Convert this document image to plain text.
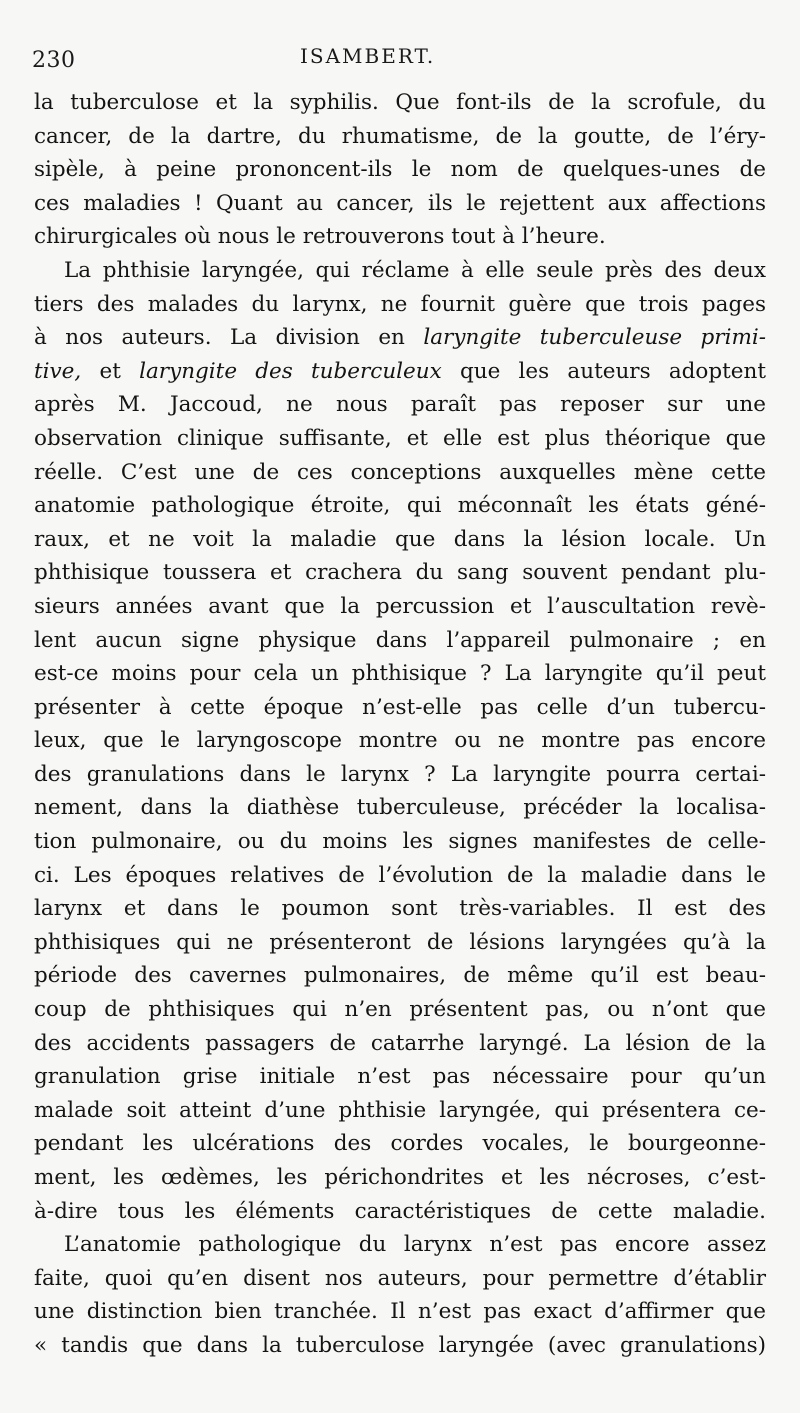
230	ISAMBERT.
la tuberculose et la syphilis. Que font-ils de la scrofule, du
cancer, de la dartre, du rhumatisme, de la goutte, de l’éry-
sipèle, à peine prononcent-ils le nom de quelques-unes de
ces maladies ! Quant au cancer, ils le rejettent aux affections
chirurgicales où nous le retrouverons tout à l’heure.
La phthisie laryngée, qui réclame à elle seule près des deux
tiers des malades du larynx, ne fournit guère que trois pages
à nos auteurs. La division en laryngite tuberculeuse primi-
tive, et laryngite des tuberculeux que les auteurs adoptent
après M. Jaccoud, ne nous paraît pas reposer sur une
observation clinique suffisante, et elle est plus théorique que
réelle. C’est une de ces conceptions auxquelles mène cette
anatomie pathologique étroite, qui méconnaît les états géné-
raux, et ne voit la maladie que dans la lésion locale. Un
phthisique toussera et crachera du sang souvent pendant plu-
sieurs années avant que la percussion et l’auscultation revè-
lent aucun signe physique dans l’appareil pulmonaire ; en
est-ce moins pour cela un phthisique ? La laryngite qu’il peut
présenter à cette époque n’est-elle pas celle d’un tubercu-
leux, que le laryngoscope montre ou ne montre pas encore
des granulations dans le larynx ? La laryngite pourra certai-
nement, dans la diathèse tuberculeuse, précéder la localisa-
tion pulmonaire, ou du moins les signes manifestes de celle-
ci. Les époques relatives de l’évolution de la maladie dans le
larynx et dans le poumon sont très-variables. Il est des
phthisiques qui ne présenteront de lésions laryngées qu’à la
période des cavernes pulmonaires, de même qu’il est beau-
coup de phthisiques qui n’en présentent pas, ou n’ont que
des accidents passagers de catarrhe laryngé. La lésion de la
granulation grise initiale n’est pas nécessaire pour qu’un
malade soit atteint d’une phthisie laryngée, qui présentera ce-
pendant les ulcérations des cordes vocales, le bourgeonne-
ment, les œdèmes, les périchondrites et les nécroses, c’est-
à-dire tous les éléments caractéristiques de cette maladie.
L’anatomie pathologique du larynx n’est pas encore assez
faite, quoi qu’en disent nos auteurs, pour permettre d’établir
une distinction bien tranchée. Il n’est pas exact d’affirmer que
« tandis que dans la tuberculose laryngée (avec granulations)
